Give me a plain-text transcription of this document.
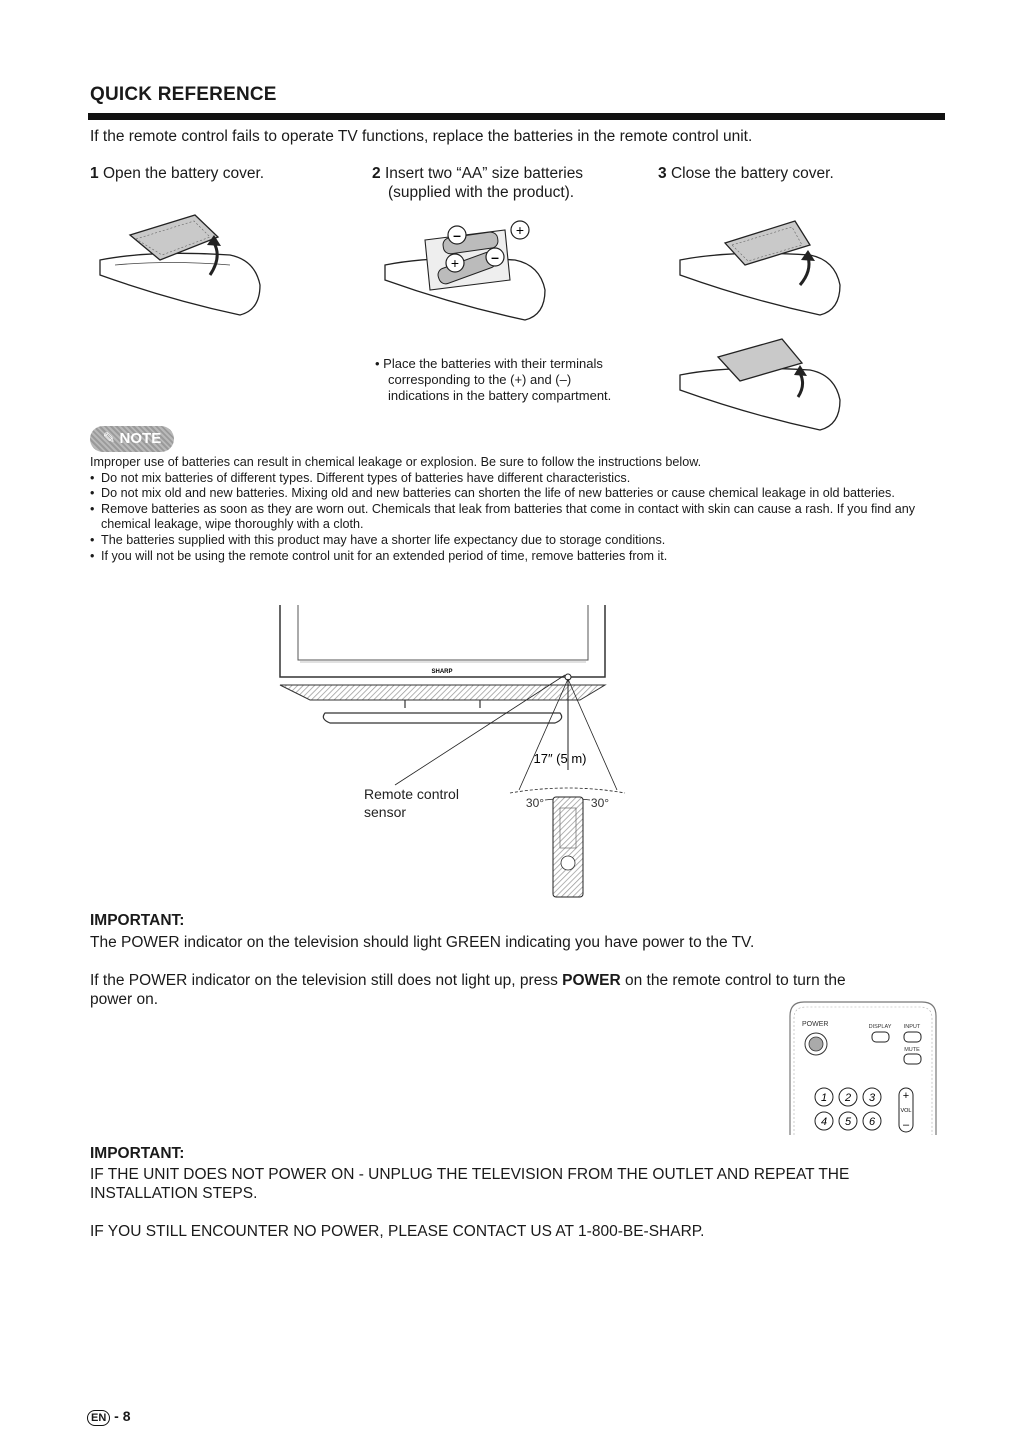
QUICK REFERENCE
If the remote control fails to operate TV functions, replace the batteries in the remote control unit.
1 Open the battery cover.	2 Insert two “AA” size batteries
(supplied with the product).
3 Close the battery cover.
–	+
+ –
• Place the batteries with their terminals
corresponding to the (+) and (–)
indications in the battery compartment.
✎ NOTE
Improper use of batteries can result in chemical leakage or explosion. Be sure to follow the instructions below.
• Do not mix batteries of different types. Different types of batteries have different characteristics.
• Do not mix old and new batteries. Mixing old and new batteries can shorten the life of new batteries or cause chemical leakage in old batteries.
• Remove batteries as soon as they are worn out. Chemicals that leak from batteries that come in contact with skin can cause a rash. If you find any chemical leakage, wipe thoroughly with a cloth.
• The batteries supplied with this product may have a shorter life expectancy due to storage conditions.
• If you will not be using the remote control unit for an extended period of time, remove batteries from it.
SHARP
17″ (5 m)
30°	30°
Remote control
sensor
IMPORTANT:
The POWER indicator on the television should light GREEN indicating you have power to the TV.
If the POWER indicator on the television still does not light up, press POWER on the remote control to turn the
power on.
POWER	DISPLAY INPUT
MUTE
1 2 3
4 5 6
+
VOL
–
IMPORTANT:
IF THE UNIT DOES NOT POWER ON - UNPLUG THE TELEVISION FROM THE OUTLET AND REPEAT THE
INSTALLATION STEPS.
IF YOU STILL ENCOUNTER NO POWER, PLEASE CONTACT US AT 1-800-BE-SHARP.
EN - 8
